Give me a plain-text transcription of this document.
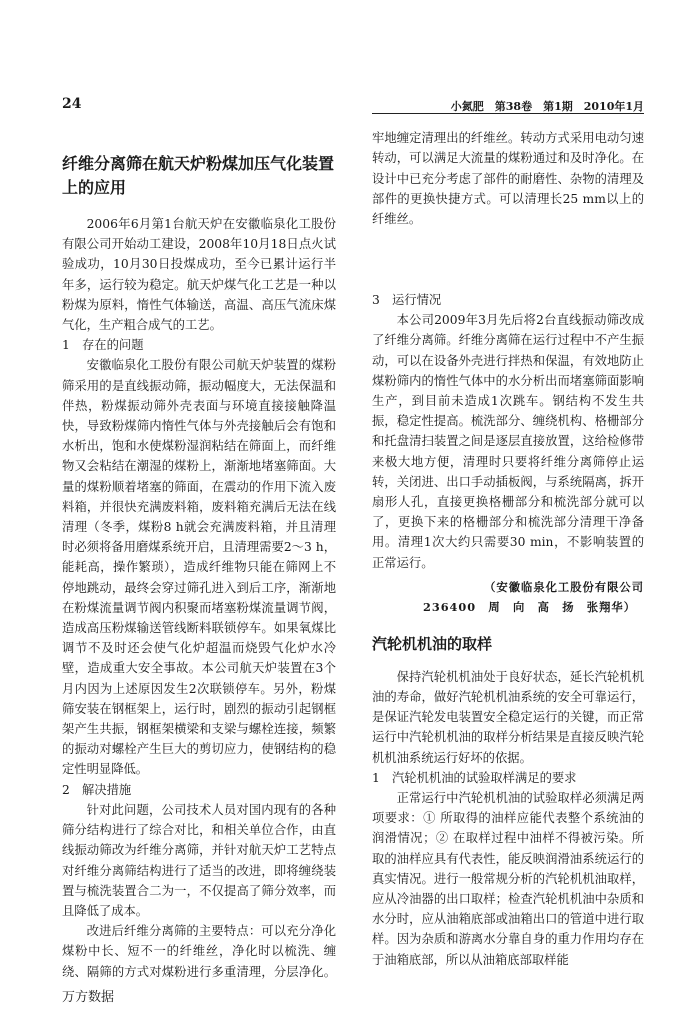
24	小氮肥　第38卷　第1期　2010年1月
纤维分离筛在航天炉粉煤加压气化装置上的应用

2006年6月第1台航天炉在安徽临泉化工股份有限公司开始动工建设，2008年10月18日点火试验成功，10月30日投煤成功，至今已累计运行半年多，运行较为稳定。航天炉煤气化工艺是一种以粉煤为原料，惰性气体输送，高温、高压气流床煤气化，生产粗合成气的工艺。

1 存在的问题

安徽临泉化工股份有限公司航天炉装置的煤粉筛采用的是直线振动筛，振动幅度大，无法保温和伴热，粉煤振动筛外壳表面与环境直接接触降温快，导致粉煤筛内惰性气体与外壳接触后会有饱和水析出，饱和水使煤粉湿润粘结在筛面上，而纤维物又会粘结在潮湿的煤粉上，渐渐地堵塞筛面。大量的煤粉顺着堵塞的筛面，在震动的作用下流入废料箱，并很快充满废料箱，废料箱充满后无法在线清理（冬季，煤粉8 h就会充满废料箱，并且清理时必须将备用磨煤系统开启，且清理需要2～3 h，能耗高，操作繁琐），造成纤维物只能在筛网上不停地跳动，最终会穿过筛孔进入到后工序，渐渐地在粉煤流量调节阀内积聚而堵塞粉煤流量调节阀，造成高压粉煤输送管线断料联锁停车。如果氧煤比调节不及时还会使气化炉超温而烧毁气化炉水冷壁，造成重大安全事故。本公司航天炉装置在3个月内因为上述原因发生2次联锁停车。另外，粉煤筛安装在钢框架上，运行时，剧烈的振动引起钢框架产生共振，钢框架横梁和支梁与螺栓连接，频繁的振动对螺栓产生巨大的剪切应力，使钢结构的稳定性明显降低。

2 解决措施

针对此问题，公司技术人员对国内现有的各种筛分结构进行了综合对比，和相关单位合作，由直线振动筛改为纤维分离筛，并针对航天炉工艺特点对纤维分离筛结构进行了适当的改进，即将缠绕装置与梳洗装置合二为一，不仅提高了筛分效率，而且降低了成本。

改进后纤维分离筛的主要特点：可以充分净化煤粉中长、短不一的纤维丝，净化时以梳洗、缠绕、隔筛的方式对煤粉进行多重清理，分层净化。

牢地缠定清理出的纤维丝。转动方式采用电动匀速转动，可以满足大流量的煤粉通过和及时净化。在设计中已充分考虑了部件的耐磨性、杂物的清理及部件的更换快捷方式。可以清理长25 mm以上的纤维丝。

3 运行情况

本公司2009年3月先后将2台直线振动筛改成了纤维分离筛。纤维分离筛在运行过程中不产生振动，可以在设备外壳进行拌热和保温，有效地防止煤粉筛内的惰性气体中的水分析出而堵塞筛面影响生产，到目前未造成1次跳车。钢结构不发生共振，稳定性提高。梳洗部分、缠绕机构、格栅部分和托盘清扫装置之间是逐层直接放置，这给检修带来极大地方便，清理时只要将纤维分离筛停止运转，关闭进、出口手动插板阀，与系统隔离，拆开扇形人孔，直接更换格栅部分和梳洗部分就可以了，更换下来的格栅部分和梳洗部分清理干净备用。清理1次大约只需要30 min，不影响装置的正常运行。

（安徽临泉化工股份有限公司
236400　周　向　高　扬　张翔华）
汽轮机机油的取样

保持汽轮机机油处于良好状态，延长汽轮机机油的寿命，做好汽轮机机油系统的安全可靠运行，是保证汽轮发电装置安全稳定运行的关键，而正常运行中汽轮机机油的取样分析结果是直接反映汽轮机机油系统运行好坏的依据。

1 汽轮机机油的试验取样满足的要求

正常运行中汽轮机机油的试验取样必须满足两项要求：① 所取得的油样应能代表整个系统油的润滑情况；② 在取样过程中油样不得被污染。所取的油样应具有代表性，能反映润滑油系统运行的真实情况。进行一般常规分析的汽轮机机油取样，应从冷油器的出口取样；检查汽轮机机油中杂质和水分时，应从油箱底部或油箱出口的管道中进行取样。因为杂质和游离水分靠自身的重力作用均存在于油箱底部，所以从油箱底部取样能

万方数据
